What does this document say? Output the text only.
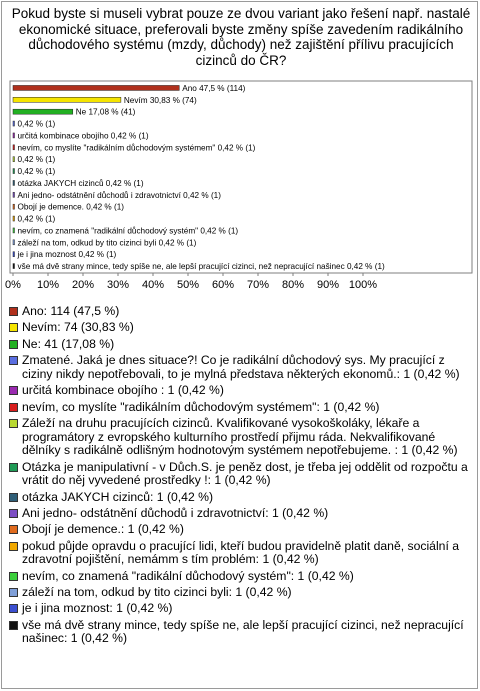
Pokud byste si museli vybrat pouze ze dvou variant jako řešení např. nastalé ekonomické situace, preferovali byste změny spíše zavedením radikálního důchodového systému (mzdy, důchody) než zajištění přílivu pracujících cizinců do ČR?
Ano 47,5 % (114)
Nevím 30,83 % (74)
Ne 17,08 % (41)
0,42 % (1)
určitá kombinace obojího 0,42 % (1)
nevím, co myslíte "radikálním důchodovým systémem" 0,42 % (1)
0,42 % (1)
0,42 % (1)
otázka JAKYCH cizinců 0,42 % (1)
Ani jedno- odstátnění důchodů i zdravotnictví 0,42 % (1)
Obojí je demence. 0,42 % (1)
0,42 % (1)
nevím, co znamená "radikální důchodový systém" 0,42 % (1)
záleží na tom, odkud by tito cizinci byli 0,42 % (1)
je i jina moznost 0,42 % (1)
vše má dvě strany mince, tedy spíše ne, ale lepší pracující cizinci, než nepracující našinec 0,42 % (1)
0% 10% 20% 30% 40% 50% 60% 70% 80% 90% 100%
Ano: 114 (47,5 %)
Nevím: 74 (30,83 %)
Ne: 41 (17,08 %)
Zmatené. Jaká je dnes situace?! Co je radikální důchodový sys. My pracující z ciziny nikdy nepotřebovali, to je mylná představa některých ekonomů.: 1 (0,42 %)
určitá kombinace obojího : 1 (0,42 %)
nevím, co myslíte "radikálním důchodovým systémem": 1 (0,42 %)
Záleží na druhu pracujících cizinců. Kvalifikované vysokoškoláky, lékaře a programátory z evropského kulturního prostředí přijmu ráda. Nekvalifikované dělníky s radikálně odlišným hodnotovým systémem nepotřebujeme. : 1 (0,42 %)
Otázka je manipulativní - v Důch.S. je peněz dost, je třeba jej oddělit od rozpočtu a vrátit do něj vyvedené prostředky !: 1 (0,42 %)
otázka JAKYCH cizinců: 1 (0,42 %)
Ani jedno- odstátnění důchodů i zdravotnictví: 1 (0,42 %)
Obojí je demence.: 1 (0,42 %)
pokud půjde opravdu o pracující lidi, kteří budou pravidelně platit daně, sociální a zdravotní pojištění, nemámm s tím problém: 1 (0,42 %)
nevím, co znamená "radikální důchodový systém": 1 (0,42 %)
záleží na tom, odkud by tito cizinci byli: 1 (0,42 %)
je i jina moznost: 1 (0,42 %)
vše má dvě strany mince, tedy spíše ne, ale lepší pracující cizinci, než nepracující našinec: 1 (0,42 %)
